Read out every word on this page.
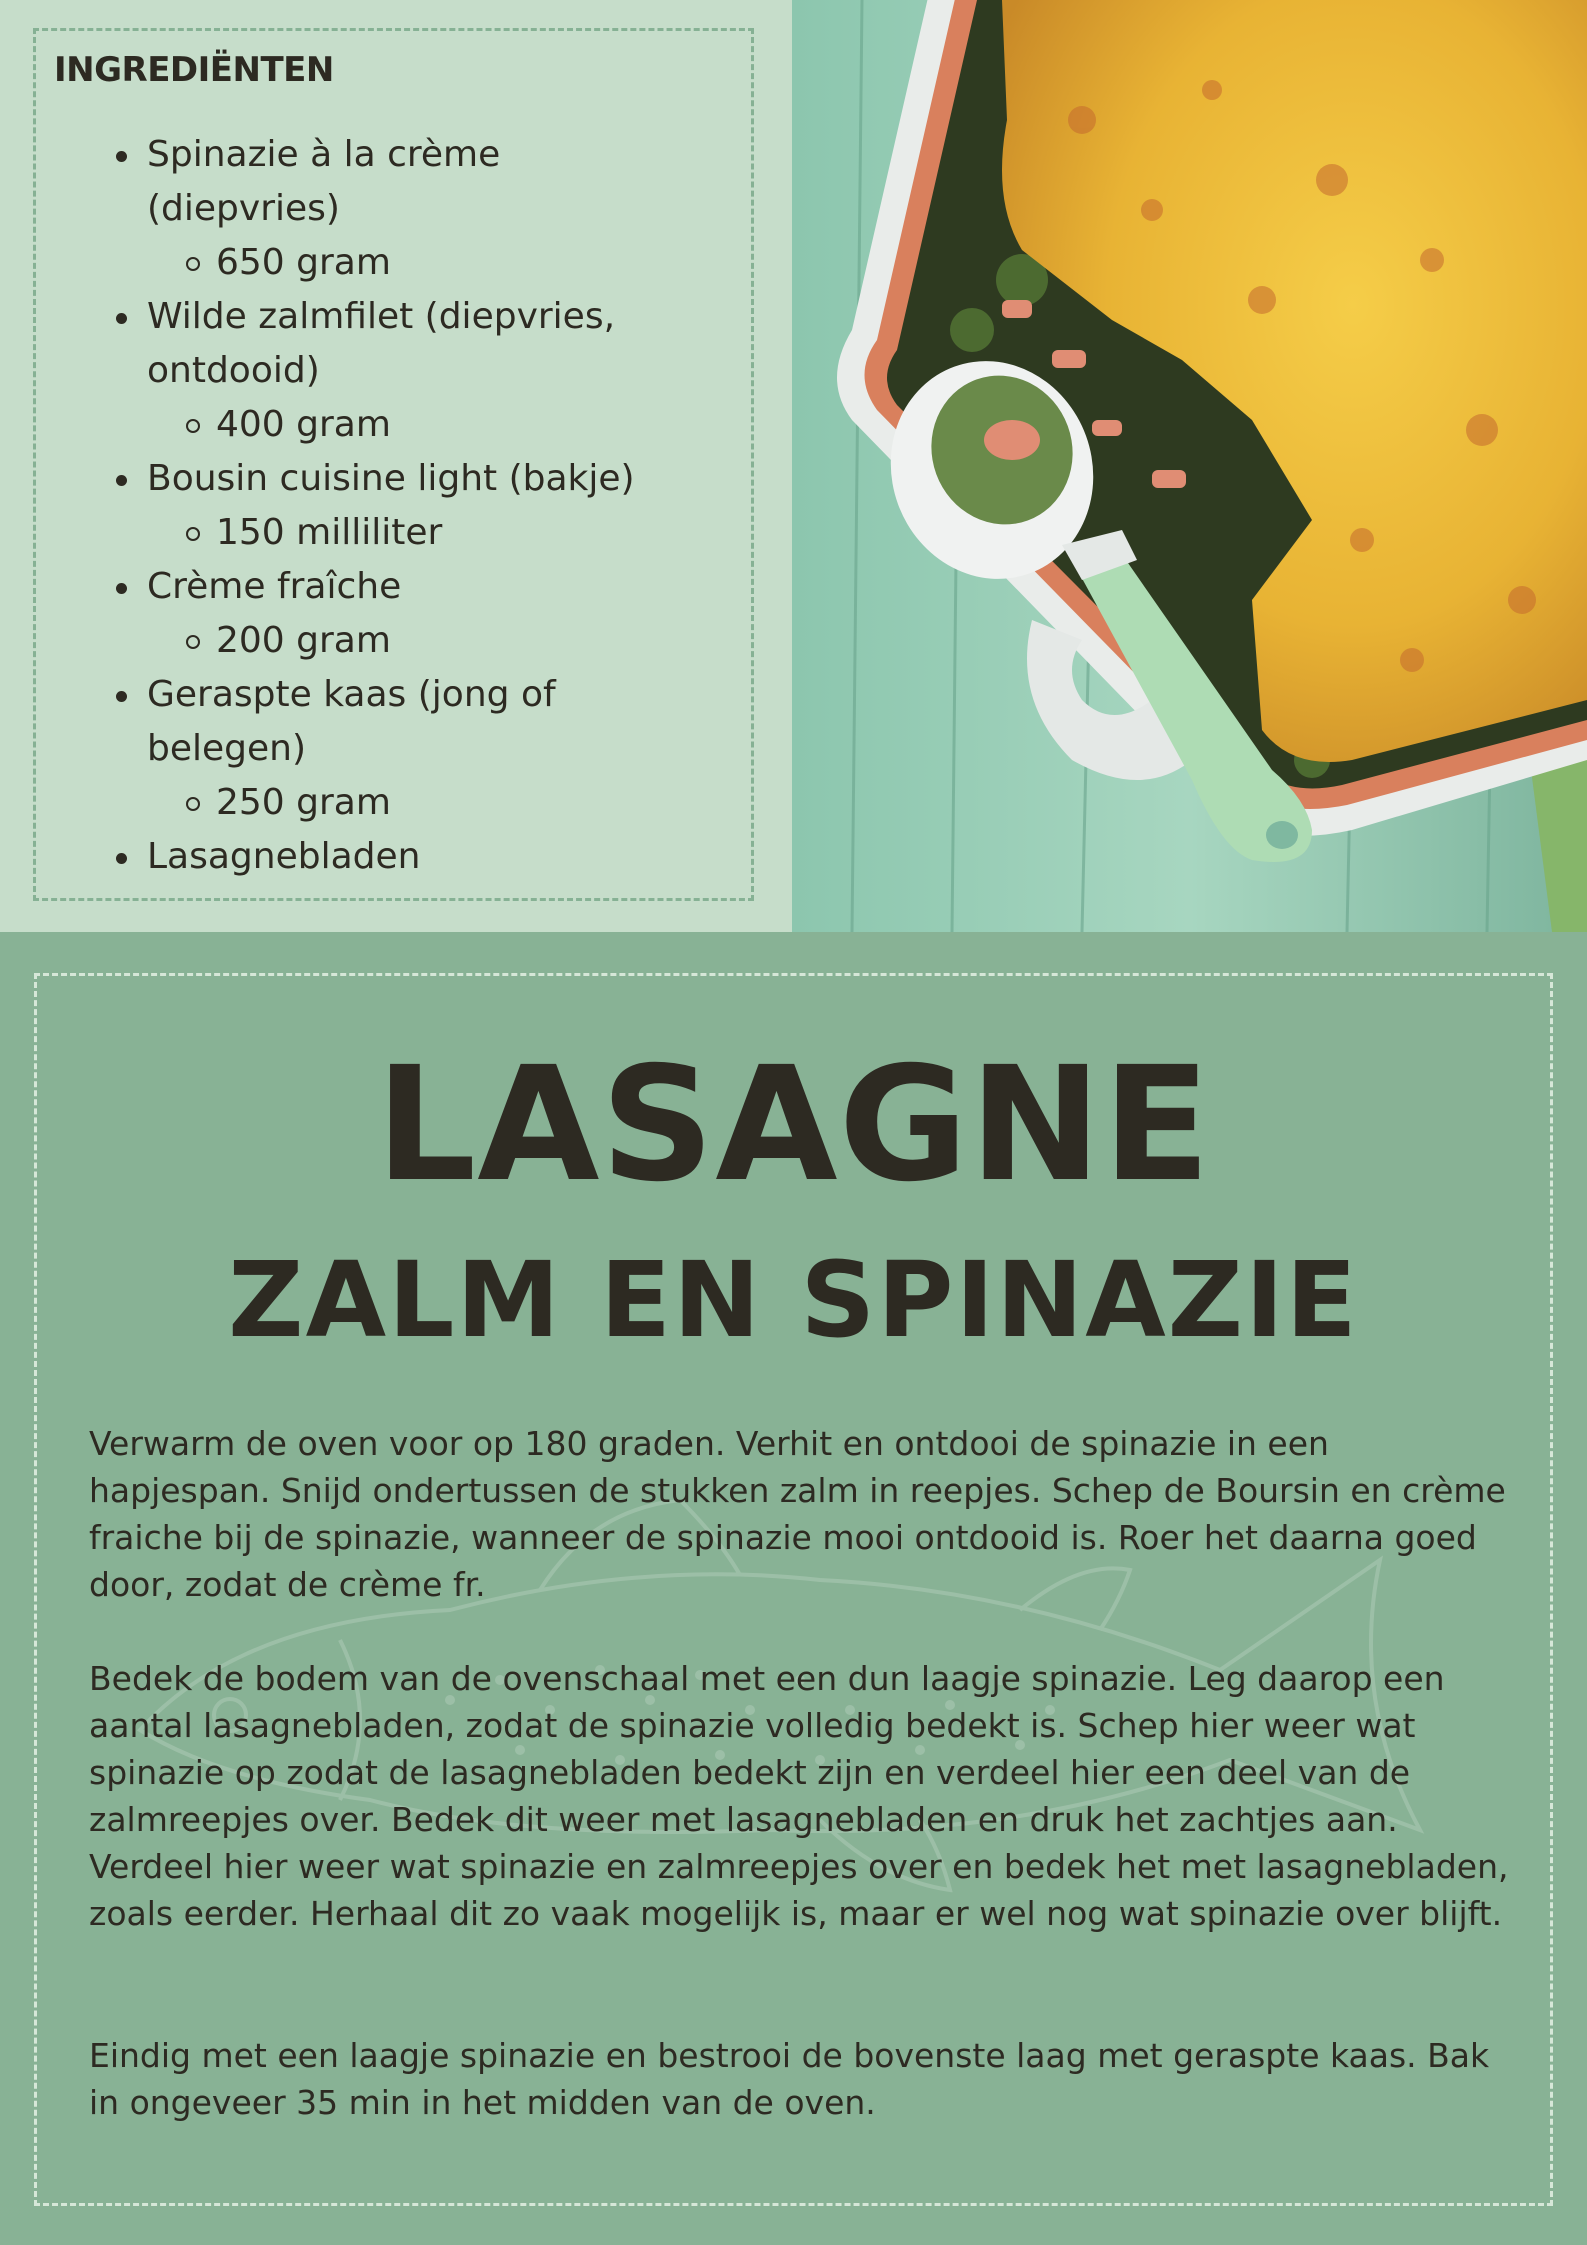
INGREDIËNTEN
Spinazie à la crème (diepvries)
650 gram
Wilde zalmfilet (diepvries, ontdooid)
400 gram
Bousin cuisine light (bakje)
150 milliliter
Crème fraîche
200 gram
Geraspte kaas (jong of belegen)
250 gram
Lasagnebladen
LASAGNE
ZALM EN SPINAZIE

Verwarm de oven voor op 180 graden. Verhit en ontdooi de spinazie in een hapjespan. Snijd ondertussen de stukken zalm in reepjes. Schep de Boursin en crème fraiche bij de spinazie, wanneer de spinazie mooi ontdooid is. Roer het daarna goed door, zodat de crème fr.

Bedek de bodem van de ovenschaal met een dun laagje spinazie. Leg daarop een aantal lasagnebladen, zodat de spinazie volledig bedekt is. Schep hier weer wat spinazie op zodat de lasagnebladen bedekt zijn en verdeel hier een deel van de zalmreepjes over. Bedek dit weer met lasagnebladen en druk het zachtjes aan. Verdeel hier weer wat spinazie en zalmreepjes over en bedek het met lasagnebladen, zoals eerder. Herhaal dit zo vaak mogelijk is, maar er wel nog wat spinazie over blijft.

Eindig met een laagje spinazie en bestrooi de bovenste laag met geraspte kaas. Bak in ongeveer 35 min in het midden van de oven.
